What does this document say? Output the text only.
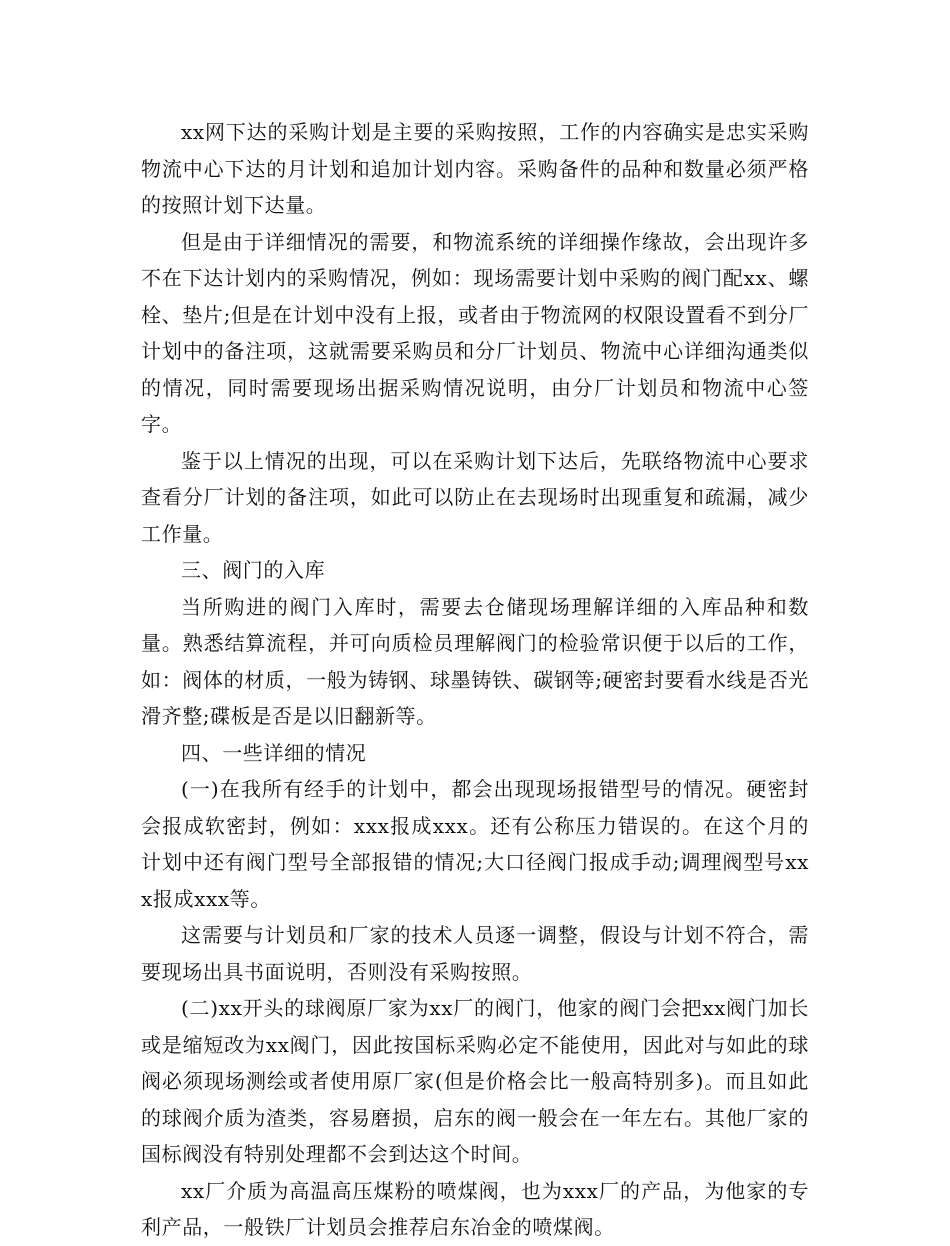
xx网下达的采购计划是主要的采购按照，工作的内容确实是忠实采购物流中心下达的月计划和追加计划内容。采购备件的品种和数量必须严格的按照计划下达量。

但是由于详细情况的需要，和物流系统的详细操作缘故，会出现许多不在下达计划内的采购情况，例如：现场需要计划中采购的阀门配xx、螺栓、垫片;但是在计划中没有上报，或者由于物流网的权限设置看不到分厂计划中的备注项，这就需要采购员和分厂计划员、物流中心详细沟通类似的情况，同时需要现场出据采购情况说明，由分厂计划员和物流中心签字。

鉴于以上情况的出现，可以在采购计划下达后，先联络物流中心要求查看分厂计划的备注项，如此可以防止在去现场时出现重复和疏漏，减少工作量。

三、阀门的入库

当所购进的阀门入库时，需要去仓储现场理解详细的入库品种和数量。熟悉结算流程，并可向质检员理解阀门的检验常识便于以后的工作，如：阀体的材质，一般为铸钢、球墨铸铁、碳钢等;硬密封要看水线是否光滑齐整;碟板是否是以旧翻新等。

四、一些详细的情况

(一)在我所有经手的计划中，都会出现现场报错型号的情况。硬密封会报成软密封，例如：xxx报成xxx。还有公称压力错误的。在这个月的计划中还有阀门型号全部报错的情况;大口径阀门报成手动;调理阀型号xxx报成xxx等。

这需要与计划员和厂家的技术人员逐一调整，假设与计划不符合，需要现场出具书面说明，否则没有采购按照。

(二)xx开头的球阀原厂家为xx厂的阀门，他家的阀门会把xx阀门加长或是缩短改为xx阀门，因此按国标采购必定不能使用，因此对与如此的球阀必须现场测绘或者使用原厂家(但是价格会比一般高特别多)。而且如此的球阀介质为渣类，容易磨损，启东的阀一般会在一年左右。其他厂家的国标阀没有特别处理都不会到达这个时间。

xx厂介质为高温高压煤粉的喷煤阀，也为xxx厂的产品，为他家的专利产品，一般铁厂计划员会推荐启东冶金的喷煤阀。
